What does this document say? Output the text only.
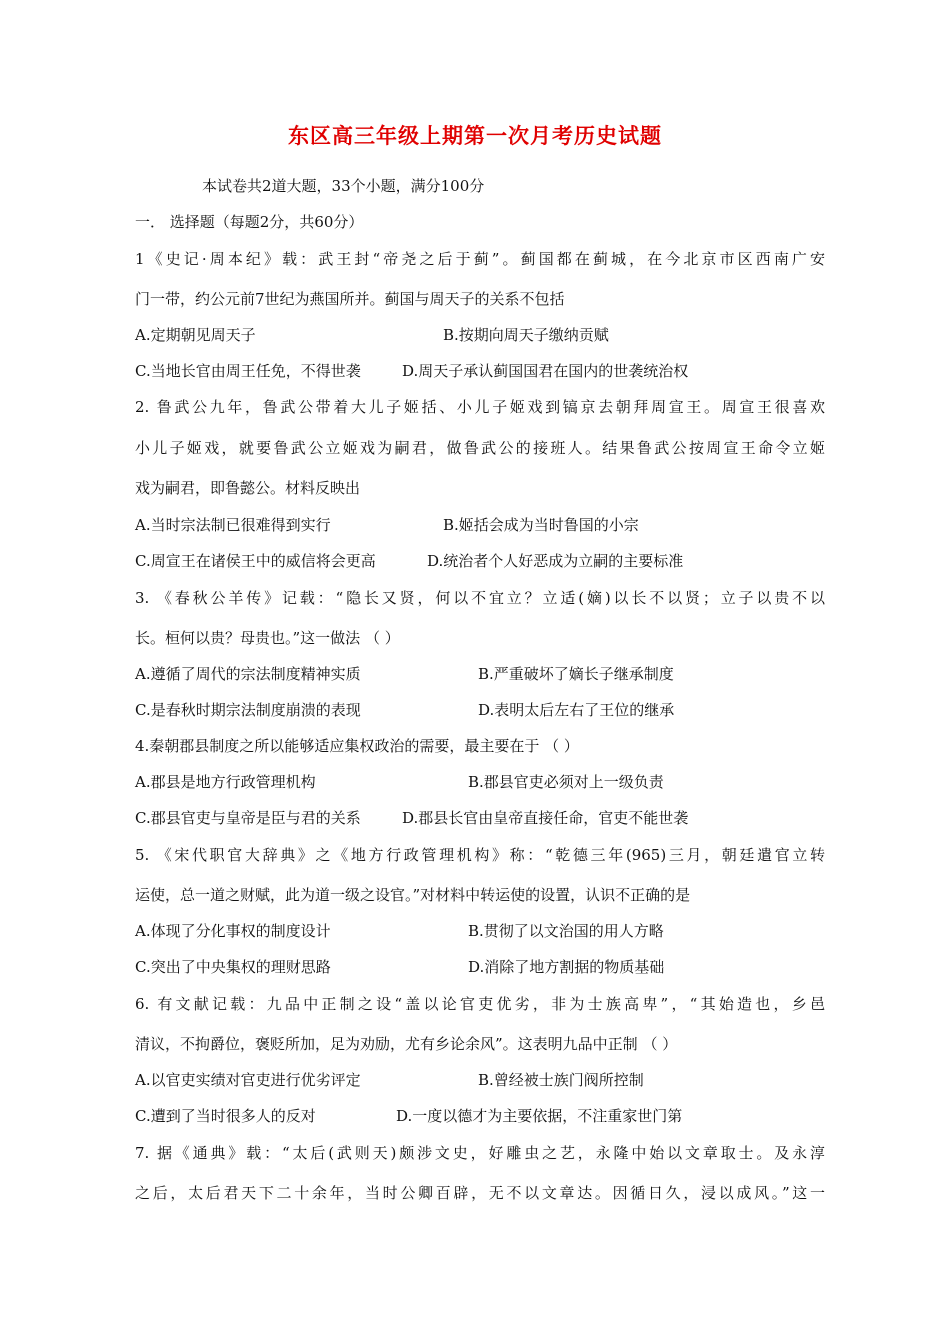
东区高三年级上期第一次月考历史试题
本试卷共2道大题，33个小题，满分100分
一． 选择题（每题2分，共60分）
1《史记·周本纪》载：武王封“帝尧之后于蓟”。蓟国都在蓟城，在今北京市区西南广安
门一带，约公元前7世纪为燕国所并。蓟国与周天子的关系不包括
A.定期朝见周天子	B.按期向周天子缴纳贡赋
C.当地长官由周王任免，不得世袭	D.周天子承认蓟国国君在国内的世袭统治权
2. 鲁武公九年，鲁武公带着大儿子姬括、小儿子姬戏到镐京去朝拜周宣王。周宣王很喜欢
小儿子姬戏，就要鲁武公立姬戏为嗣君，做鲁武公的接班人。结果鲁武公按周宣王命令立姬
戏为嗣君，即鲁懿公。材料反映出
A.当时宗法制已很难得到实行	B.姬括会成为当时鲁国的小宗
C.周宣王在诸侯王中的威信将会更高	D.统治者个人好恶成为立嗣的主要标准
3. 《春秋公羊传》记载：“隐长又贤，何以不宜立？立适(嫡)以长不以贤；立子以贵不以
长。桓何以贵？母贵也。”这一做法 （ ）
A.遵循了周代的宗法制度精神实质	B.严重破坏了嫡长子继承制度
C.是春秋时期宗法制度崩溃的表现	D.表明太后左右了王位的继承
4.秦朝郡县制度之所以能够适应集权政治的需要，最主要在于 （ ）
A.郡县是地方行政管理机构	B.郡县官吏必须对上一级负责
C.郡县官吏与皇帝是臣与君的关系	D.郡县长官由皇帝直接任命，官吏不能世袭
5. 《宋代职官大辞典》之《地方行政管理机构》称：“乾德三年(965)三月，朝廷遣官立转
运使，总一道之财赋，此为道一级之设官。”对材料中转运使的设置，认识不正确的是
A.体现了分化事权的制度设计	B.贯彻了以文治国的用人方略
C.突出了中央集权的理财思路	D.消除了地方割据的物质基础
6. 有文献记载：九品中正制之设“盖以论官吏优劣，非为士族高卑”，“其始造也，乡邑
清议，不拘爵位，褒贬所加，足为劝励，尤有乡论余风”。这表明九品中正制 （ ）
A.以官吏实绩对官吏进行优劣评定	B.曾经被士族门阀所控制
C.遭到了当时很多人的反对	D.一度以德才为主要依据，不注重家世门第
7. 据《通典》载：“太后(武则天)颇涉文史，好雕虫之艺，永隆中始以文章取士。及永淳
之后，太后君天下二十余年，当时公卿百辟，无不以文章达。因循日久，浸以成风。”这一
